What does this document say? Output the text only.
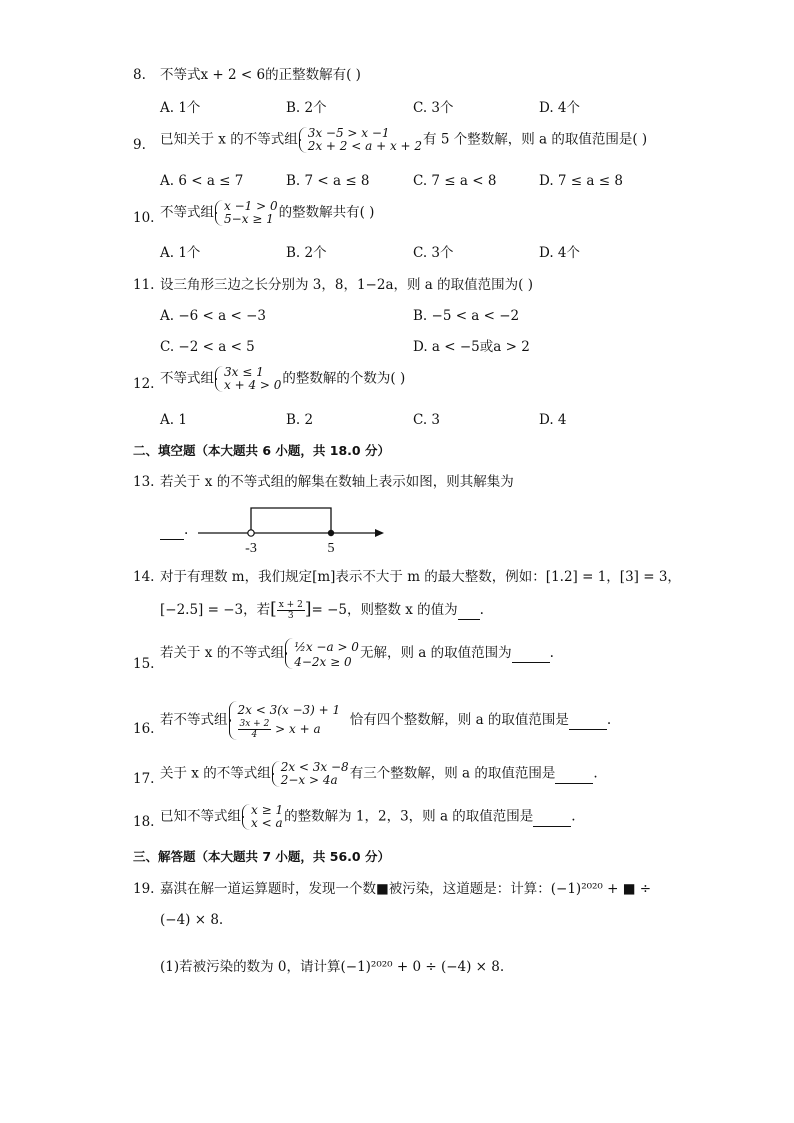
8. 不等式x + 2 < 6的正整数解有( )
A. 1个	B. 2个	C. 3个	D. 4个
9. 已知关于 x 的不等式组 3x −5 > x −1
2x + 2 < a + x + 2 有 5 个整数解，则 a 的取值范围是( )
A. 6 < a ≤ 7	B. 7 < a ≤ 8	C. 7 ≤ a < 8	D. 7 ≤ a ≤ 8
10. 不等式组 x −1 > 0
5−x ≥ 1 的整数解共有( )
A. 1个	B. 2个	C. 3个	D. 4个
11. 设三角形三边之长分别为 3，8，1−2a，则 a 的取值范围为( )
A. −6 < a < −3	B. −5 < a < −2
C. −2 < a < 5	D. a < −5或a > 2
12. 不等式组 3x ≤ 1
x + 4 > 0 的整数解的个数为( )
A. 1	B. 2	C. 3	D. 4
二、填空题（本大题共 6 小题，共 18.0 分）
13. 若关于 x 的不等式组的解集在数轴上表示如图，则其解集为
.
-3	5
14. 对于有理数 m，我们规定[m]表示不大于 m 的最大整数，例如：[1.2] = 1，[3] = 3，
[−2.5] = −3，若[ $\frac{x + 2}{3}$ ]= −5，则整数 x 的值为 .
15.
若关于 x 的不等式组 ½x −a > 0
4−2x ≥ 0
无解，则 a 的取值范围为	.
16.
若不等式组
2x < 3(x −3) + 1
$\frac{3x + 2}{4} > x + a$
恰有四个整数解，则 a 的取值范围是	.
17. 关于 x 的不等式组 2x < 3x −8
2−x > 4a 有三个整数解，则 a 的取值范围是	.
18. 已知不等式组 x ≥ 1
x < a 的整数解为 1，2，3，则 a 的取值范围是	.
三、解答题（本大题共 7 小题，共 56.0 分）
19. 嘉淇在解一道运算题时，发现一个数■被污染，这道题是：计算：(−1)²⁰²⁰ + ■ ÷
(−4) × 8.
(1)若被污染的数为 0，请计算(−1)²⁰²⁰ + 0 ÷ (−4) × 8.
